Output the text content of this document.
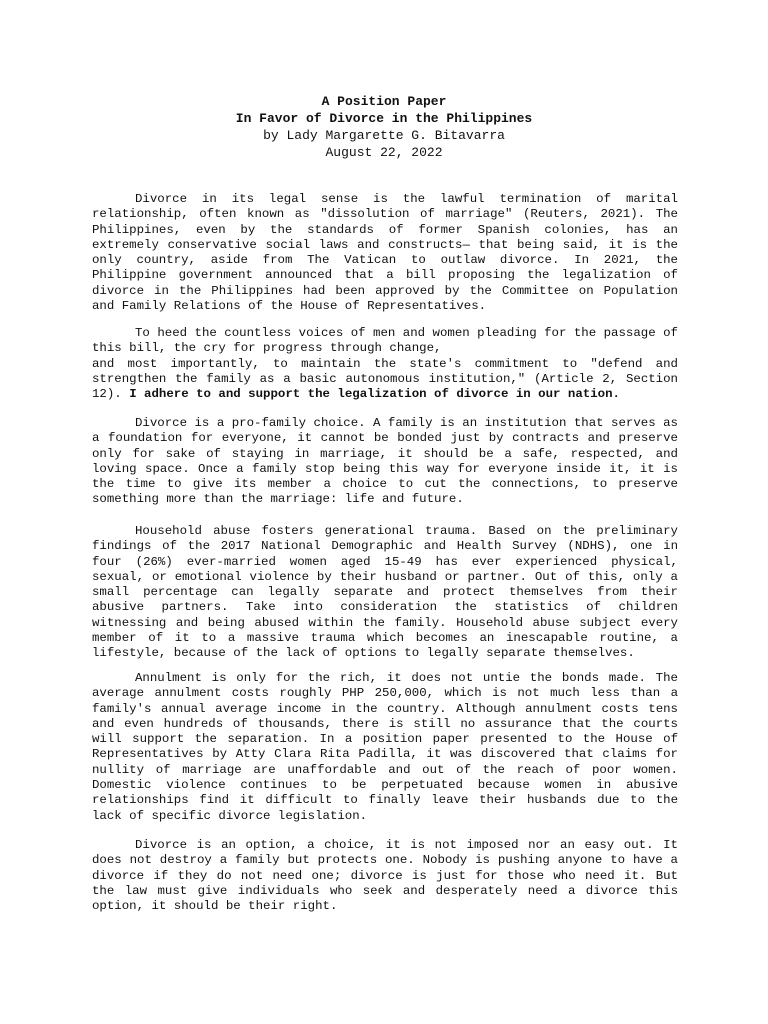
A Position Paper
In Favor of Divorce in the Philippines
by Lady Margarette G. Bitavarra
August 22, 2022

Divorce in its legal sense is the lawful termination of marital relationship, often known as "dissolution of marriage" (Reuters, 2021). The Philippines, even by the standards of former Spanish colonies, has an extremely conservative social laws and constructs— that being said, it is the only country, aside from The Vatican to outlaw divorce. In 2021, the Philippine government announced that a bill proposing the legalization of divorce in the Philippines had been approved by the Committee on Population and Family Relations of the House of Representatives.

To heed the countless voices of men and women pleading for the passage of this bill, the cry for progress through change,
and most importantly, to maintain the state's commitment to "defend and strengthen the family as a basic autonomous institution," (Article 2, Section 12). I adhere to and support the legalization of divorce in our nation.

Divorce is a pro-family choice. A family is an institution that serves as a foundation for everyone, it cannot be bonded just by contracts and preserve only for sake of staying in marriage, it should be a safe, respected, and loving space. Once a family stop being this way for everyone inside it, it is the time to give its member a choice to cut the connections, to preserve something more than the marriage: life and future.

Household abuse fosters generational trauma. Based on the preliminary findings of the 2017 National Demographic and Health Survey (NDHS), one in four (26%) ever-married women aged 15-49 has ever experienced physical, sexual, or emotional violence by their husband or partner. Out of this, only a small percentage can legally separate and protect themselves from their abusive partners. Take into consideration the statistics of children witnessing and being abused within the family. Household abuse subject every member of it to a massive trauma which becomes an inescapable routine, a lifestyle, because of the lack of options to legally separate themselves.

Annulment is only for the rich, it does not untie the bonds made. The average annulment costs roughly PHP 250,000, which is not much less than a family's annual average income in the country. Although annulment costs tens and even hundreds of thousands, there is still no assurance that the courts will support the separation. In a position paper presented to the House of Representatives by Atty Clara Rita Padilla, it was discovered that claims for nullity of marriage are unaffordable and out of the reach of poor women. Domestic violence continues to be perpetuated because women in abusive relationships find it difficult to finally leave their husbands due to the lack of specific divorce legislation.

Divorce is an option, a choice, it is not imposed nor an easy out. It does not destroy a family but protects one. Nobody is pushing anyone to have a divorce if they do not need one; divorce is just for those who need it. But the law must give individuals who seek and desperately need a divorce this option, it should be their right.
